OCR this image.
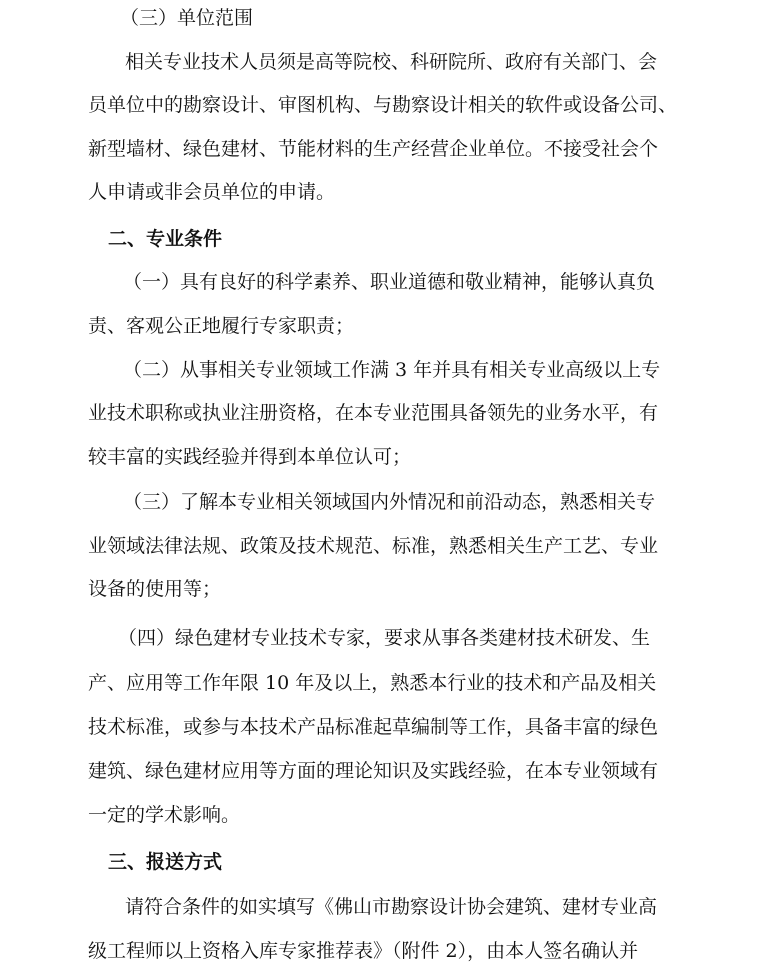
（三）单位范围
相关专业技术人员须是高等院校、科研院所、政府有关部门、会
员单位中的勘察设计、审图机构、与勘察设计相关的软件或设备公司、
新型墙材、绿色建材、节能材料的生产经营企业单位。不接受社会个
人申请或非会员单位的申请。
二、专业条件
（一）具有良好的科学素养、职业道德和敬业精神，能够认真负
责、客观公正地履行专家职责；
（二）从事相关专业领域工作满 3 年并具有相关专业高级以上专
业技术职称或执业注册资格，在本专业范围具备领先的业务水平，有
较丰富的实践经验并得到本单位认可；
（三）了解本专业相关领域国内外情况和前沿动态，熟悉相关专
业领域法律法规、政策及技术规范、标准，熟悉相关生产工艺、专业
设备的使用等；
（四）绿色建材专业技术专家，要求从事各类建材技术研发、生
产、应用等工作年限 10 年及以上，熟悉本行业的技术和产品及相关
技术标准，或参与本技术产品标准起草编制等工作，具备丰富的绿色
建筑、绿色建材应用等方面的理论知识及实践经验，在本专业领域有
一定的学术影响。
三、报送方式
请符合条件的如实填写《佛山市勘察设计协会建筑、建材专业高
级工程师以上资格入库专家推荐表》（附件 2），由本人签名确认并
